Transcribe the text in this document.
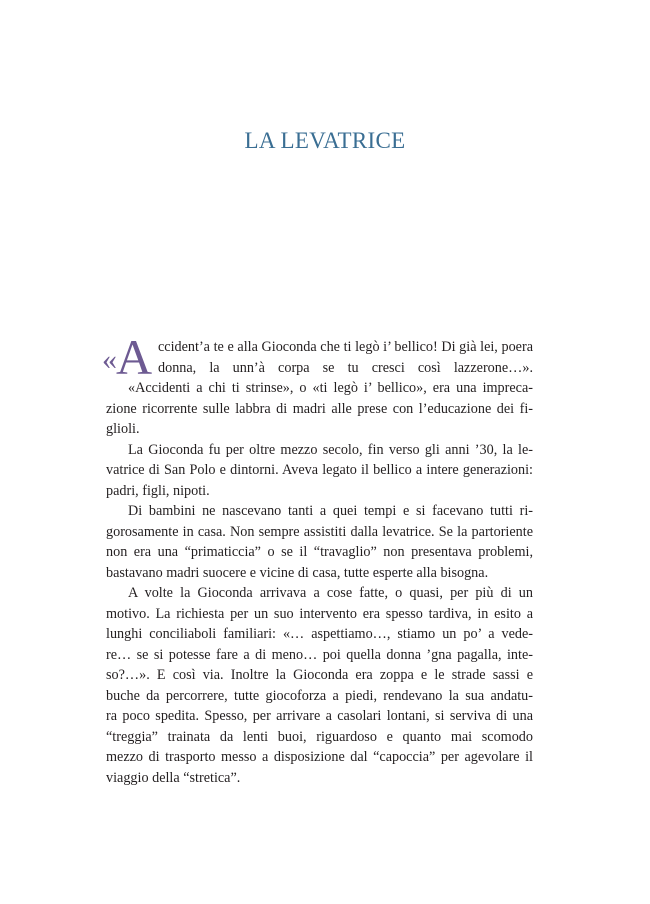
LA LEVATRICE
« A ccident’a te e alla Gioconda che ti legò i’ bellico! Di già lei, poera
donna, la unn’à corpa se tu cresci così lazzerone…».
«Accidenti a chi ti strinse», o «ti legò i’ bellico», era una impreca-
zione ricorrente sulle labbra di madri alle prese con l’educazione dei fi-
glioli.
La Gioconda fu per oltre mezzo secolo, fin verso gli anni ’30, la le-
vatrice di San Polo e dintorni. Aveva legato il bellico a intere generazioni:
padri, figli, nipoti.
Di bambini ne nascevano tanti a quei tempi e si facevano tutti ri-
gorosamente in casa. Non sempre assistiti dalla levatrice. Se la partoriente
non era una “primaticcia” o se il “travaglio” non presentava problemi,
bastavano madri suocere e vicine di casa, tutte esperte alla bisogna.
A volte la Gioconda arrivava a cose fatte, o quasi, per più di un
motivo. La richiesta per un suo intervento era spesso tardiva, in esito a
lunghi conciliaboli familiari: «… aspettiamo…, stiamo un po’ a vede-
re… se si potesse fare a di meno… poi quella donna ’gna pagalla, inte-
so?…». E così via. Inoltre la Gioconda era zoppa e le strade sassi e
buche da percorrere, tutte giocoforza a piedi, rendevano la sua andatu-
ra poco spedita. Spesso, per arrivare a casolari lontani, si serviva di una
“treggia” trainata da lenti buoi, riguardoso e quanto mai scomodo
mezzo di trasporto messo a disposizione dal “capoccia” per agevolare il
viaggio della “stretica”.
